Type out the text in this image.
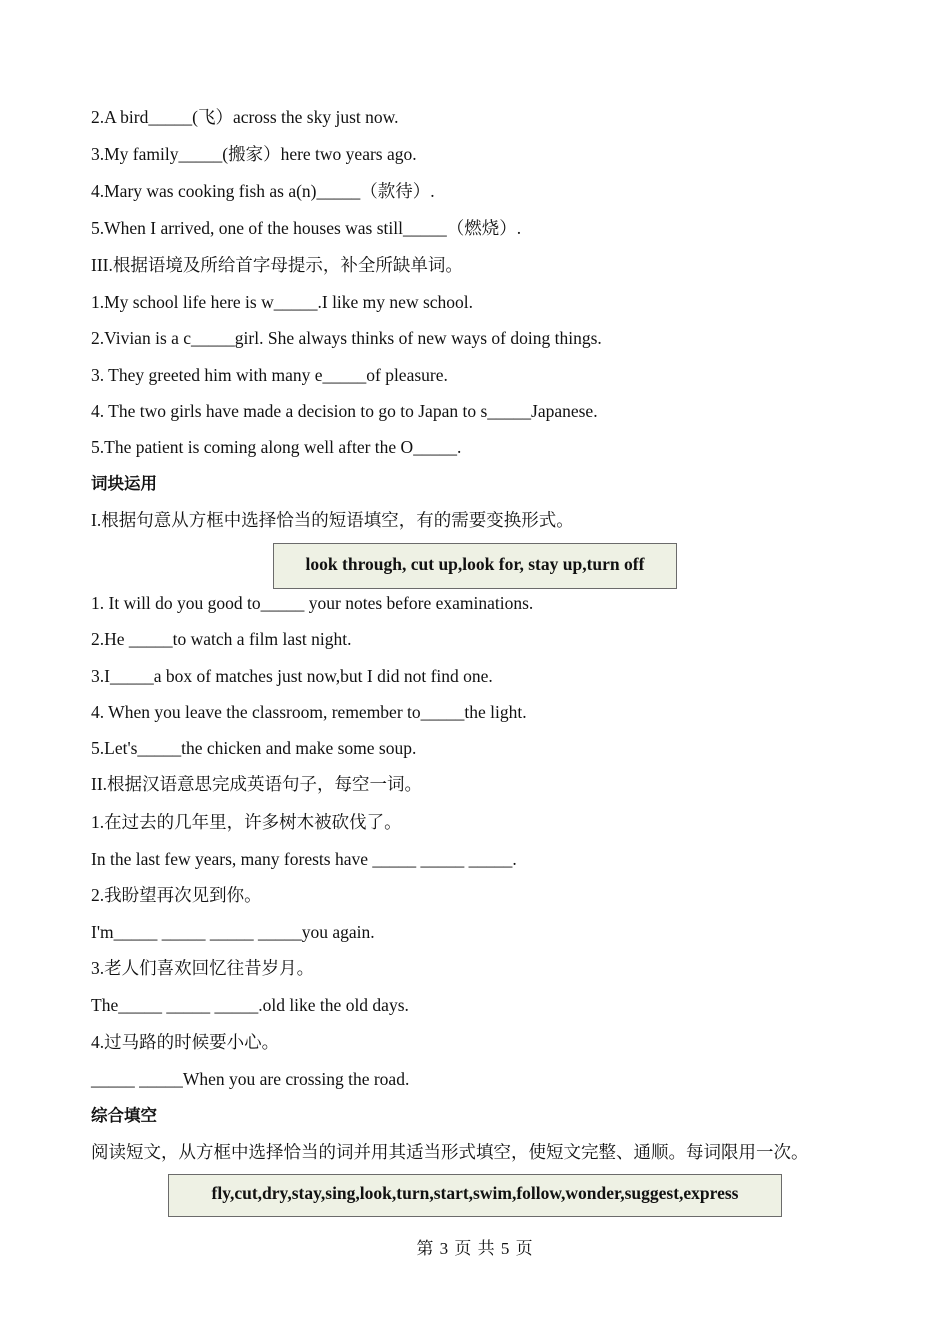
2.A bird_____(飞）across the sky just now.
3.My family_____(搬家）here two years ago.
4.Mary was cooking fish as a(n)_____（款待）.
5.When I arrived, one of the houses was still_____（燃烧）.
III.根据语境及所给首字母提示，补全所缺单词。
1.My school life here is w_____.I like my new school.
2.Vivian is a c_____girl. She always thinks of new ways of doing things.
3. They greeted him with many e_____of pleasure.
4. The two girls have made a decision to go to Japan to s_____Japanese.
5.The patient is coming along well after the O_____.
词块运用
I.根据句意从方框中选择恰当的短语填空，有的需要变换形式。
look through, cut up,look for, stay up,turn off
1. It will do you good to_____ your notes before examinations.
2.He _____to watch a film last night.
3.I_____a box of matches just now,but I did not find one.
4. When you leave the classroom, remember to_____the light.
5.Let's_____the chicken and make some soup.
II.根据汉语意思完成英语句子，每空一词。
1.在过去的几年里，许多树木被砍伐了。
In the last few years, many forests have _____ _____ _____.
2.我盼望再次见到你。
I'm_____ _____ _____ _____you again.
3.老人们喜欢回忆往昔岁月。
The_____ _____ _____.old like the old days.
4.过马路的时候要小心。
_____ _____When you are crossing the road.
综合填空
阅读短文，从方框中选择恰当的词并用其适当形式填空，使短文完整、通顺。每词限用一次。
fly,cut,dry,stay,sing,look,turn,start,swim,follow,wonder,suggest,express
第 3 页 共 5 页
